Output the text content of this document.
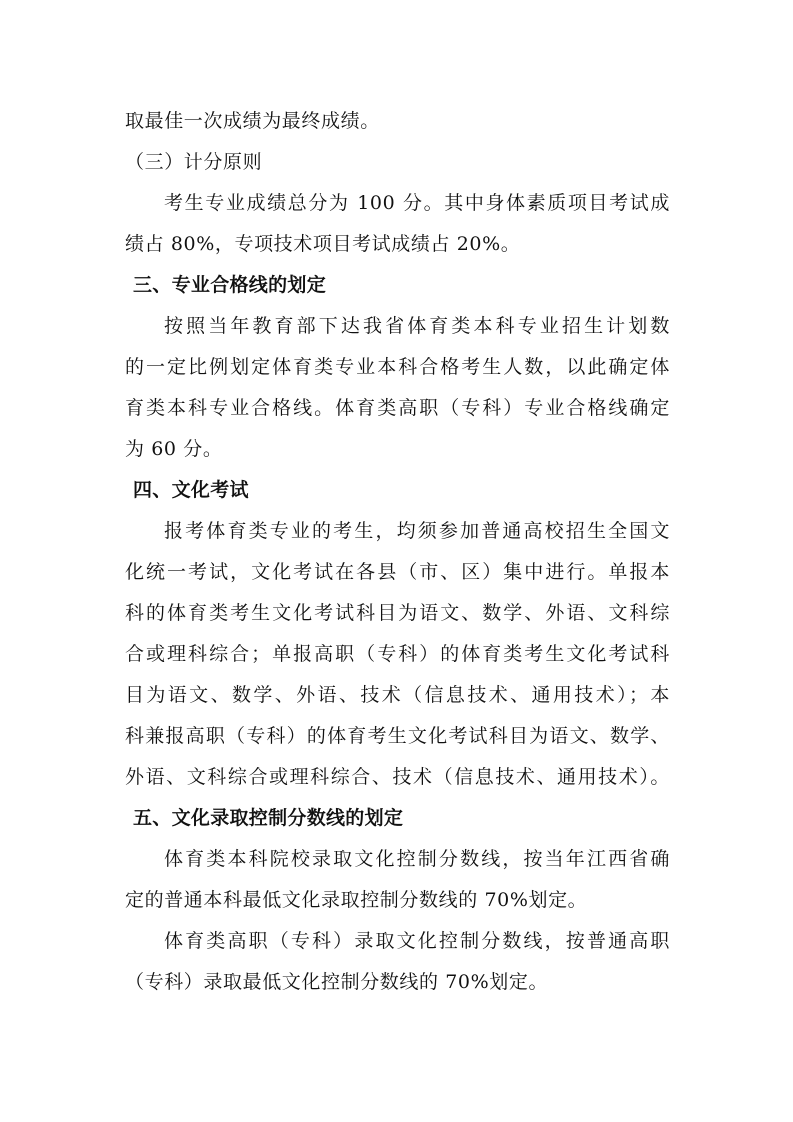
取最佳一次成绩为最终成绩。
（三）计分原则
考生专业成绩总分为 100 分。其中身体素质项目考试成
绩占 80%，专项技术项目考试成绩占 20%。
三、专业合格线的划定
按照当年教育部下达我省体育类本科专业招生计划数
的一定比例划定体育类专业本科合格考生人数，以此确定体
育类本科专业合格线。体育类高职（专科）专业合格线确定
为 60 分。
四、文化考试
报考体育类专业的考生，均须参加普通高校招生全国文
化统一考试，文化考试在各县（市、区）集中进行。单报本
科的体育类考生文化考试科目为语文、数学、外语、文科综
合或理科综合；单报高职（专科）的体育类考生文化考试科
目为语文、数学、外语、技术（信息技术、通用技术）；本
科兼报高职（专科）的体育考生文化考试科目为语文、数学、
外语、文科综合或理科综合、技术（信息技术、通用技术）。
五、文化录取控制分数线的划定
体育类本科院校录取文化控制分数线，按当年江西省确
定的普通本科最低文化录取控制分数线的 70%划定。
体育类高职（专科）录取文化控制分数线，按普通高职
（专科）录取最低文化控制分数线的 70%划定。
